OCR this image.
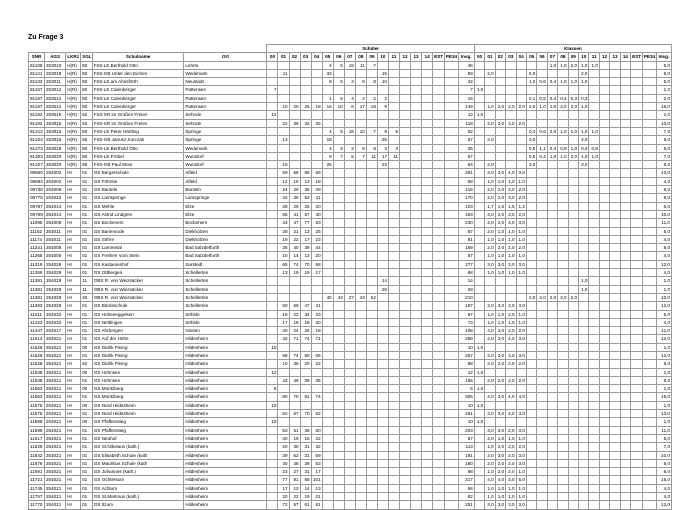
Zu Frage 3
						Schüler																		Klassen																	
SNR	AGS	LKRz	SGL	Schulname	Ort	00	01	02	03	04	05	06	07	08	09	10	11	12	13	14	EST	PE34	Insg.	00	01	02	03	04	05	06	07	08	09	10	11	12	13	14	EST	PE34	Insg.
91108	253010	H(R)	60	FöS-LE Berthold Otto	Lehrte						4	5	19	11	7								46								1,0	1,0	2,0	1,0	1,0						6,0
91121	253018	H(R)	60	FöS-GB Unter den Eichen	Wedemark		11				33					15							59		2,0				5,0					2,0							9,0
91133	253011	H(R)	60	FöS-LE am Ahnsförth	Neustadt						8	5	3	8	8	10							42						1,0	0,6	0,4	1,0	1,0	1,0							5,0
91157	253012	H(R)	60	FöS-LE Calenberger	Pattensen	7																	7	1,0																	1,0
91157	253012	H(R)	60	FöS-LE Calenberger	Pattensen						1	5	4	2	2	2							16						0,1	0,5	0,4	0,4	0,3	0,3							2,0
91157	253012	H(R)	60	FöS-LE Calenberger	Pattensen		10	20	25	18	16	10	6	17	18	9							149		1,0	2,0	2,0	2,0	2,0	1,0	1,0	2,0	2,0	1,0							16,0
91182	253015	H(R)	52	FöS-SR im Großen Freien	Sehnde	12																	12	1,0																	1,0
91182	253015	H(R)	52	FöS-SR im Großen Freien	Sehnde		22	39	32	25													118		2,0	3,0	3,0	2,0													10,0
91212	253016	H(R)	60	FöS-LE Peter Härtling	Springe						4	5	18	10	7	9	9						62						0,4	0,6	2,0	1,0	1,0	1,0	1,0						7,0
91224	253016	H(R)	65	FöS-GB Janusz Korczak	Springe		13				18					26							57		2,0				3,0					4,0							9,0
91273	253018	H(R)	60	FöS-LE Berthold Otto	Wedemark						4	9	3	6	8	3	3						36						0,5	1,1	0,4	0,8	1,0	0,4	0,8						5,0
91303	253020	H(R)	60	FöS-LE Fröbel	Wunstorf						9	7	5	7	11	17	11						67						0,6	0,4	1,0	1,0	2,0	1,0	1,0						7,0
91327	253020	H(R)	65	FöS-GB Paul Moor	Wunstorf		16				25					23							64		2,0				3,0					3,0							8,0
09660	254002	HI	01	GS Bürgerschule	Alfeld		69	58	85	69													281		3,0	3,0	4,0	3,0													13,0
09684	254002	HI	01	GS Föhrste	Alfeld		12	15	13	18													58		1,0	1,0	1,0	1,0													4,0
09738	254006	HI	01	GS Banteln	Banteln		24	29	35	28													116		2,0	2,0	2,0	2,0													8,0
09775	254023	HI	01	GS Lamspringe	Lamspringe		42	35	52	41													170		2,0	2,0	3,0	2,0													9,0
09787	254014	HI	01	GS Mehle	Elze		28	29	26	20													103		1,7	1,6	1,5	1,2													6,0
09799	254014	HI	01	GS Astrid Lindgren	Elze		55	41	57	40													193		3,0	2,0	3,0	2,0													10,0
11095	254008	HI	01	GS Bockenem	Bockenem		43	47	77	63													230		2,0	2,0	4,0	3,0													11,0
11162	254011	HI	01	GS Barienrode	Diekholzen		28	21	13	25													87		2,0	1,0	1,0	1,0													5,0
11174	254011	HI	01	GS Söhre	Diekholzen		19	22	17	23													81		1,0	1,0	1,0	1,0													4,0
11241	254005	HI	01	GS Lammetal	Bad Salzdetfurth		36	40	39	44													159		2,0	2,0	2,0	2,0													8,0
11265	254005	HI	01	GS Freiherr vom Stein	Bad Salzdetfurth		10	14	13	20													57		1,0	1,0	1,0	1,0													4,0
11319	254028	HI	01	GS Kastanienhof	Sarstedt		65	74	70	68													277		3,0	3,0	3,0	3,0													12,0
11368	254029	HI	01	GS Ottbergen	Schellerten		13	19	19	17													68		1,0	1,0	1,0	1,0													4,0
11381	254029	HI	11	OBS R. von Weizsäcker	Schellerten											14							14											1,0							1,0
11381	254029	HI	11	OBS R. von Weizsäcker	Schellerten											28							28											1,0							1,0
11381	254029	HI	40	OBS R. von Weizsäcker	Schellerten						46	42	27	43	52								210						2,0	2,0	2,0	2,0	2,0								10,0
11393	254029	HI	01	GS Bördeschule	Schellerten		50	59	47	41													197		3,0	3,0	3,0	3,0													12,0
11411	254032	HI	01	GS Hoheneggelsen	Söhlde		18	22	34	23													97		1,0	1,0	2,0	1,0													5,0
11423	254032	HI	01	GS Nettlingen	Söhlde		17	18	18	20													73		1,0	1,0	1,0	1,0													4,0
11447	254017	HI	01	GS Ahrbergen	Giesen		40	24	26	18													108		4,0	3,0	2,0	2,0													11,0
11514	254021	HI	01	GS Auf der Höhe	Hildesheim		42	71	74	71													258		2,0	3,0	4,0	3,0													12,0
11526	254021	HI	00	GS Didrik Pining	Hildesheim	10																	10	1,0																	1,0
11526	254021	HI	01	GS Didrik Pining	Hildesheim		68	74	50	65													257		3,0	3,0	3,0	3,0													12,0
11526	254021	HI	62	GS Didrik Pining	Hildesheim		10	36	20	22													88		2,0	2,0	2,0	2,0													8,0
11538	254021	HI	00	GS Hohnsen	Hildesheim	12																	12	1,0																	1,0
11538	254021	HI	01	GS Hohnsen	Hildesheim		42	49	39	35													165		2,0	2,0	2,0	2,0													8,0
11563	254021	HI	00	GS Moritzberg	Hildesheim	6																	6	1,0																	1,0
11563	254021	HI	01	GS Moritzberg	Hildesheim		80	70	81	74													305		4,0	3,0	4,0	4,0													15,0
11575	254021	HI	00	GS Nord Hildesheim	Hildesheim	10																	10	1,0																	1,0
11575	254021	HI	01	GS Nord Hildesheim	Hildesheim		62	67	70	62													261		3,0	3,0	4,0	3,0													13,0
11599	254021	HI	00	GS Pfaffenstieg	Hildesheim	10																	10	1,0																	1,0
11599	254021	HI	01	GS Pfaffenstieg	Hildesheim		53	51	39	60													203		3,0	3,0	2,0	3,0													11,0
11617	254021	HI	01	GS Neuhof	Hildesheim		30	19	16	22													87		2,0	1,0	1,0	1,0													5,0
11629	254021	HI	01	GS St.Nikolaus (kath.)	Hildesheim		20	30	31	32													113		1,0	2,0	2,0	2,0													7,0
11642	254021	HI	01	GS Elisabeth Schule (kath	Hildesheim		39	62	31	59													191		2,0	3,0	2,0	3,0													10,0
11678	254021	HI	01	GS Mauritius Schule (kath	Hildesheim		40	48	39	53													180		2,0	2,0	2,0	3,0													9,0
11691	254021	HI	01	GS Johannes (kath.)	Hildesheim		23	27	31	17													98		1,0	2,0	2,0	1,0													6,0
11721	254021	HI	01	GS Ochtersum	Hildesheim		77	81	58	101													317		4,0	4,0	3,0	5,0													16,0
11745	254021	HI	01	GS Achtum	Hildesheim		17	12	14	13													56		1,0	1,0	1,0	1,0													4,0
11757	254021	HI	01	GS St.Martinus (kath.)	Hildesheim		20	22	19	21													82		1,0	1,0	1,0	1,0													4,0
11770	254021	HI	01	GS Itzum	Hildesheim		72	57	61	61													251		3,0	3,0	3,0	3,0													12,0
